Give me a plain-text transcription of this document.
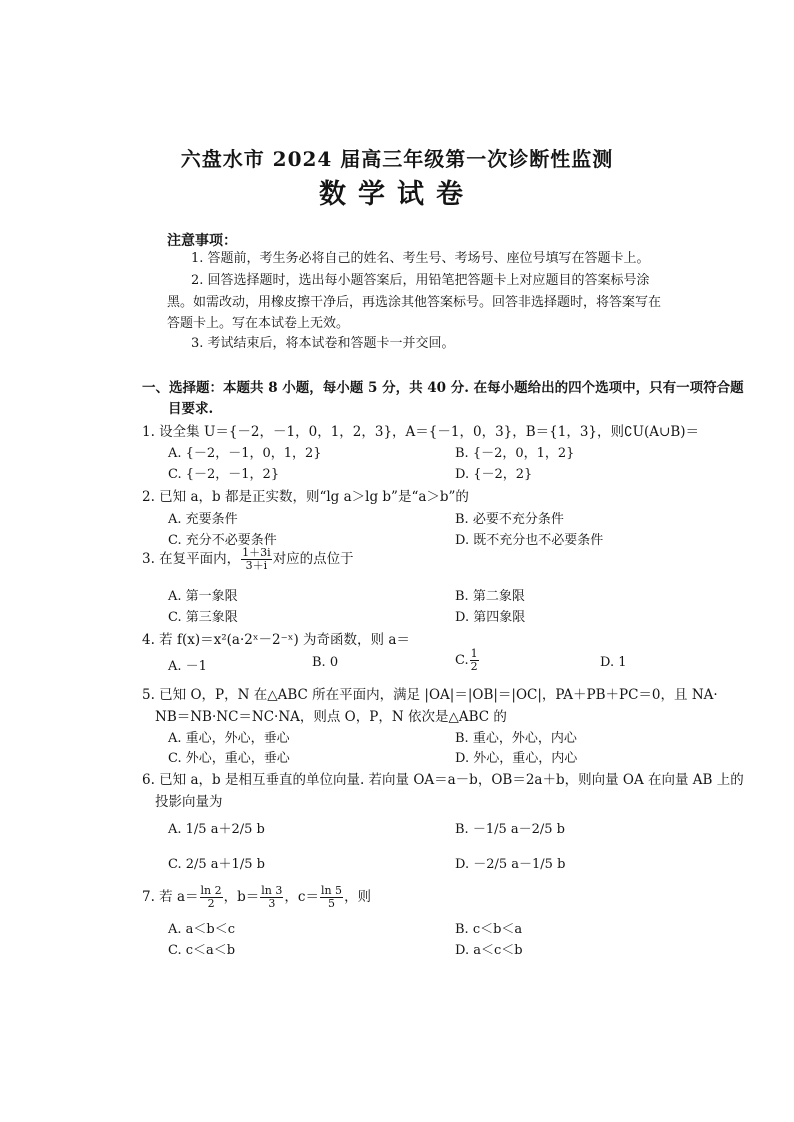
六盘水市 2024 届高三年级第一次诊断性监测
数学试卷
注意事项：
1. 答题前，考生务必将自己的姓名、考生号、考场号、座位号填写在答题卡上。
2. 回答选择题时，选出每小题答案后，用铅笔把答题卡上对应题目的答案标号涂
黑。如需改动，用橡皮擦干净后，再选涂其他答案标号。回答非选择题时，将答案写在
答题卡上。写在本试卷上无效。
3. 考试结束后，将本试卷和答题卡一并交回。
一、选择题：本题共 8 小题，每小题 5 分，共 40 分. 在每小题给出的四个选项中，只有一项符合题
目要求.
1. 设全集 U＝{－2，－1，0，1，2，3}，A＝{－1，0，3}，B＝{1，3}，则∁U(A∪B)＝
A. {－2，－1，0，1，2}	B. {－2，0，1，2}
C. {－2，－1，2}	D. {－2，2}
2. 已知 a，b 都是正实数，则“lg a＞lg b”是“a＞b”的
A. 充要条件	B. 必要不充分条件
C. 充分不必要条件	D. 既不充分也不必要条件
3. 在复平面内， $\frac{1+3i}{3+i}$ 对应的点位于
A. 第一象限	B. 第二象限
C. 第三象限	D. 第四象限
4. 若 f(x)＝x²(a·2ˣ－2⁻ˣ) 为奇函数，则 a＝
A. －1	B. 0	C. $\frac{1}{2}$	D. 1
5. 已知 O，P，N 在△ABC 所在平面内，满足 |OA|＝|OB|＝|OC|，PA＋PB＋PC＝0，且 NA·
NB＝NB·NC＝NC·NA，则点 O，P，N 依次是△ABC 的
A. 重心，外心，垂心	B. 重心，外心，内心
C. 外心，重心，垂心	D. 外心，重心，内心
6. 已知 a，b 是相互垂直的单位向量. 若向量 OA＝a－b，OB＝2a＋b，则向量 OA 在向量 AB 上的
投影向量为
A. 1/5 a＋2/5 b	B. －1/5 a－2/5 b
C. 2/5 a＋1/5 b	D. －2/5 a－1/5 b
7. 若 $a= \frac{\ln 2}{2}$ ，$b= \frac{\ln 3}{3}$ ，$c= \frac{\ln 5}{5}$ ，则
A. a＜b＜c	B. c＜b＜a
C. c＜a＜b	D. a＜c＜b
